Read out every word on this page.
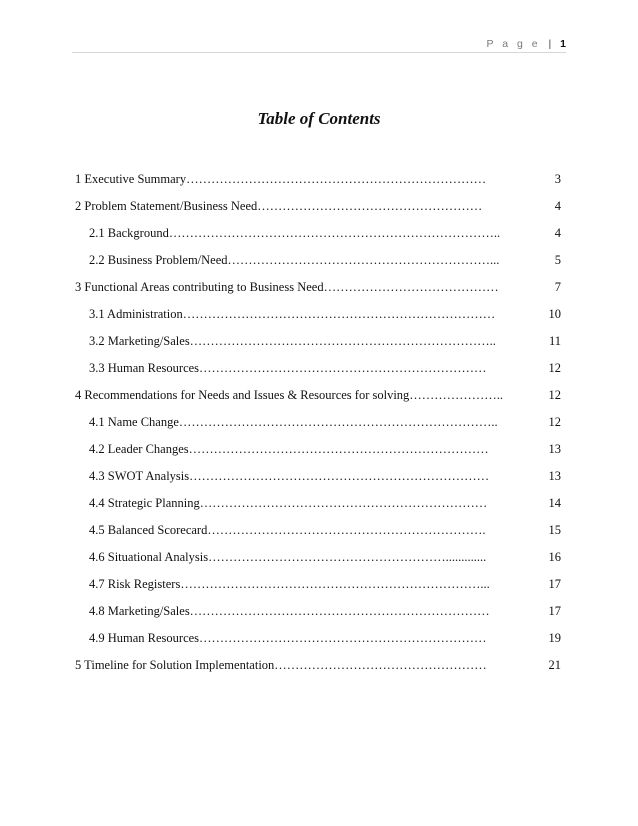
P a g e | 1
Table of Contents
1 Executive Summary………………………………………………………………	3
2 Problem Statement/Business Need………………………………………………	4
2.1 Background……………………………………………………………………..	4
2.2 Business Problem/Need………………………………………………………...	5
3 Functional Areas contributing to Business Need……………………………………	7
3.1 Administration…………………………………………………………………	10
3.2 Marketing/Sales………………………………………………………………..	11
3.3 Human Resources……………………………………………………………	12
4 Recommendations for Needs and Issues & Resources for solving…………………..	12
4.1 Name Change…………………………………………………………………..	12
4.2 Leader Changes………………………………………………………………	13
4.3 SWOT Analysis………………………………………………………………	13
4.4 Strategic Planning……………………………………………………………	14
4.5 Balanced Scorecard………………………………………………………….	15
4.6 Situational Analysis………………………………………………….............	16
4.7 Risk Registers………………………………………………………………...	17
4.8 Marketing/Sales………………………………………………………………	17
4.9 Human Resources……………………………………………………………	19
5 Timeline for Solution Implementation……………………………………………	21
